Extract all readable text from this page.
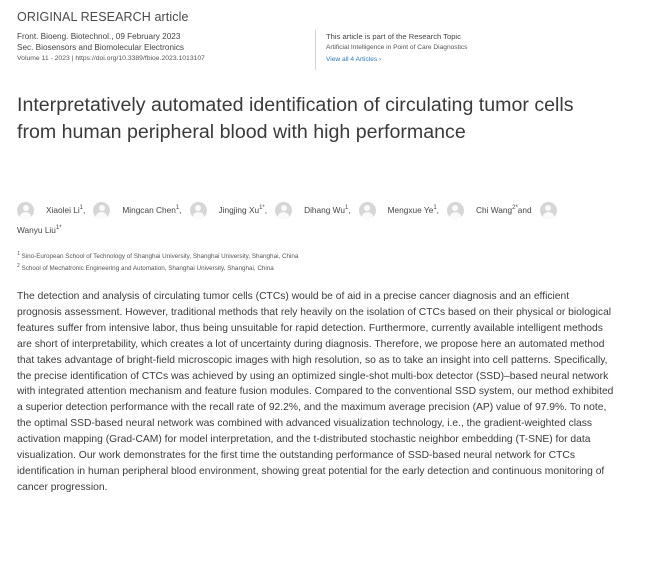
ORIGINAL RESEARCH article
Front. Bioeng. Biotechnol., 09 February 2023
Sec. Biosensors and Biomolecular Electronics
Volume 11 - 2023 | https://doi.org/10.3389/fbioe.2023.1013107
This article is part of the Research Topic
Artificial Intelligence in Point of Care Diagnostics
View all 4 Articles ›
Interpretatively automated identification of circulating tumor cells from human peripheral blood with high performance
Xiaolei Li$^1$ ,	Mingcan Chen$^1$ ,	Jingjing $Xu^{1*}$ ,	Dihang Wu$^1$ ,	Mengxue Ye$^1$ ,	Chi Wang$^{2*}$ and
Wanyu Liu$^{1*}$
$^1$ Sino-European School of Technology of Shanghai University, Shanghai University, Shanghai, China
$^2$ School of Mechatronic Engineering and Automation, Shanghai University, Shanghai, China

The detection and analysis of circulating tumor cells (CTCs) would be of aid in a precise cancer diagnosis and an efficient prognosis assessment. However, traditional methods that rely heavily on the isolation of CTCs based on their physical or biological features suffer from intensive labor, thus being unsuitable for rapid detection. Furthermore, currently available intelligent methods are short of interpretability, which creates a lot of uncertainty during diagnosis. Therefore, we propose here an automated method that takes advantage of bright-field microscopic images with high resolution, so as to take an insight into cell patterns. Specifically, the precise identification of CTCs was achieved by using an optimized single-shot multi-box detector (SSD)–based neural network with integrated attention mechanism and feature fusion modules. Compared to the conventional SSD system, our method exhibited a superior detection performance with the recall rate of 92.2%, and the maximum average precision (AP) value of 97.9%. To note, the optimal SSD-based neural network was combined with advanced visualization technology, i.e., the gradient-weighted class activation mapping (Grad-CAM) for model interpretation, and the t-distributed stochastic neighbor embedding (T-SNE) for data visualization. Our work demonstrates for the first time the outstanding performance of SSD-based neural network for CTCs identification in human peripheral blood environment, showing great potential for the early detection and continuous monitoring of cancer progression.
